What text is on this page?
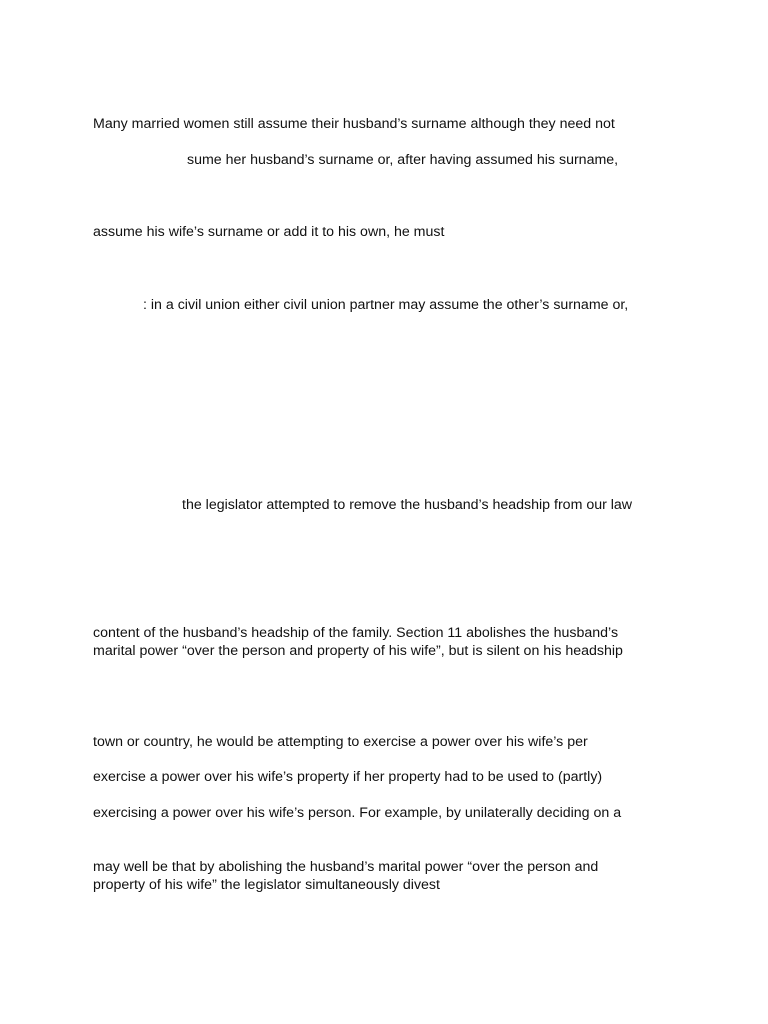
Many married women still assume their husband’s surname although they need not
sume her husband’s surname or, after having assumed his surname,
assume his wife’s surname or add it to his own, he must
: in a civil union either civil union partner may assume the other’s surname or,
the legislator attempted to remove the husband’s headship from our law
content of the husband’s headship of the family. Section 11 abolishes the husband’s
marital power “over the person and property of his wife”, but is silent on his headship
town or country, he would be attempting to exercise a power over his wife’s per
exercise a power over his wife’s property if her property had to be used to (partly)
exercising a power over his wife’s person. For example, by unilaterally deciding on a
may well be that by abolishing the husband’s marital power “over the person and
property of his wife” the legislator simultaneously divest
